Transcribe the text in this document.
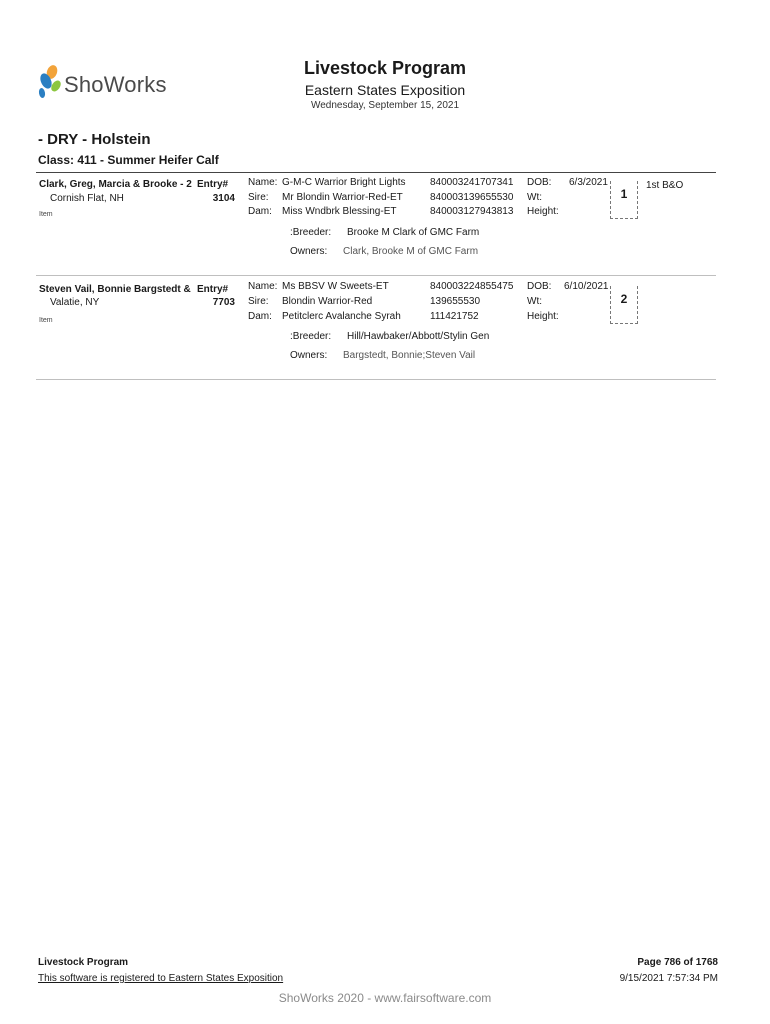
ShoWorks
Livestock Program
Eastern States Exposition
Wednesday, September 15, 2021
- DRY - Holstein
Class: 411 - Summer Heifer Calf
Clark, Greg, Marcia & Brooke - 2 Entry#
Cornish Flat, NH	3104
Item
Name: G-M-C Warrior Bright Lights 840003241707341
Sire: Mr Blondin Warrior-Red-ET	840003139655530
Dam: Miss Wndbrk Blessing-ET	840003127943813
DOB: 6/3/2021
Wt:
Height:
1
1st B&O
:Breeder: Brooke M Clark of GMC Farm
Owners: Clark, Brooke M of GMC Farm
Steven Vail, Bonnie Bargstedt & Entry#
Valatie, NY	7703
Item
Name: Ms BBSV W Sweets-ET	840003224855475
Sire: Blondin Warrior-Red	139655530
Dam: Petitclerc Avalanche Syrah	111421752
DOB: 6/10/2021
Wt:
Height:
2
:Breeder: Hill/Hawbaker/Abbott/Stylin Gen
Owners: Bargstedt, Bonnie;Steven Vail
Livestock Program
This software is registered to Eastern States Exposition
Page 786 of 1768
9/15/2021 7:57:34 PM
ShoWorks 2020 - www.fairsoftware.com
